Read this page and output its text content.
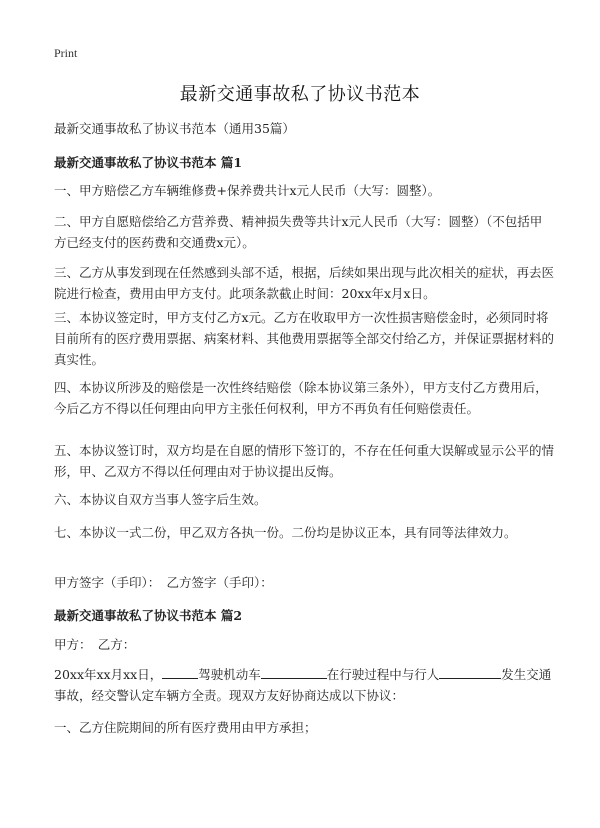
Print
最新交通事故私了协议书范本

最新交通事故私了协议书范本（通用35篇）

最新交通事故私了协议书范本 篇1

一、甲方赔偿乙方车辆维修费+保养费共计x元人民币（大写：圆整）。

二、甲方自愿赔偿给乙方营养费、精神损失费等共计x元人民币（大写：圆整）（不包括甲方已经支付的医药费和交通费x元）。

三、乙方从事发到现在任然感到头部不适，根据，后续如果出现与此次相关的症状，再去医院进行检查，费用由甲方支付。此项条款截止时间：20xx年x月x日。

三、本协议签定时，甲方支付乙方x元。乙方在收取甲方一次性损害赔偿金时，必须同时将目前所有的医疗费用票据、病案材料、其他费用票据等全部交付给乙方，并保证票据材料的真实性。

四、本协议所涉及的赔偿是一次性终结赔偿（除本协议第三条外），甲方支付乙方费用后，今后乙方不得以任何理由向甲方主张任何权利，甲方不再负有任何赔偿责任。

五、本协议签订时，双方均是在自愿的情形下签订的，不存在任何重大误解或显示公平的情形，甲、乙双方不得以任何理由对于协议提出反悔。

六、本协议自双方当事人签字后生效。

七、本协议一式二份，甲乙双方各执一份。二份均是协议正本，具有同等法律效力。

甲方签字（手印）：　乙方签字（手印）：

最新交通事故私了协议书范本 篇2

甲方：　乙方：

20xx年xx月xx日，	驾驶机动车	在行驶过程中与行人	发生交通事故，经交警认定车辆方全责。现双方友好协商达成以下协议：

一、乙方住院期间的所有医疗费用由甲方承担；
